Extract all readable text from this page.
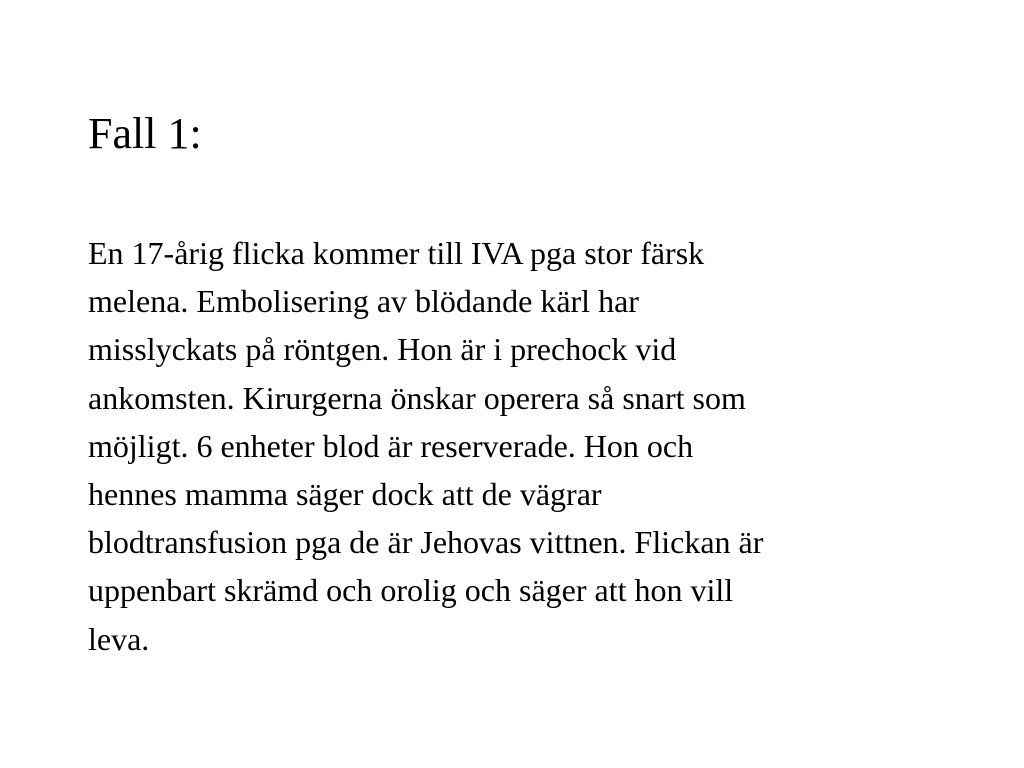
Fall 1:

En 17-årig flicka kommer till IVA pga stor färsk
melena. Embolisering av blödande kärl har
misslyckats på röntgen. Hon är i prechock vid
ankomsten. Kirurgerna önskar operera så snart som
möjligt. 6 enheter blod är reserverade. Hon och
hennes mamma säger dock att de vägrar
blodtransfusion pga de är Jehovas vittnen. Flickan är
uppenbart skrämd och orolig och säger att hon vill
leva.
